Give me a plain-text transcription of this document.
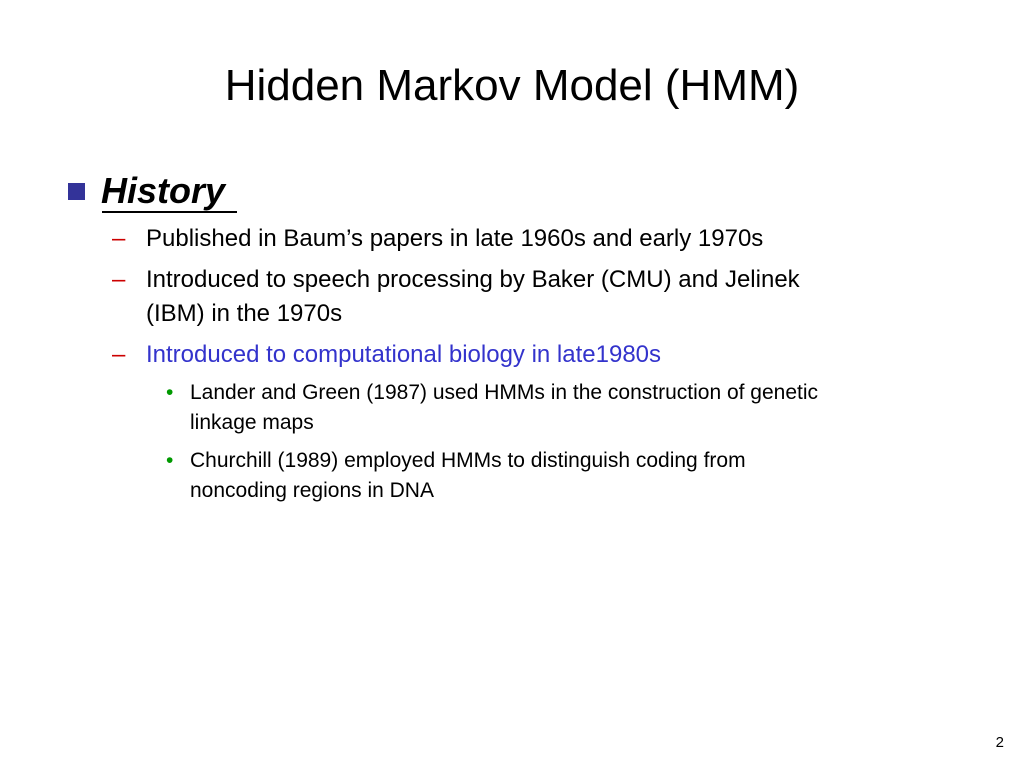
Hidden Markov Model (HMM)
History
– Published in Baum’s papers in late 1960s and early 1970s
– Introduced to speech processing by Baker (CMU) and Jelinek
(IBM) in the 1970s
– Introduced to computational biology in late1980s
• Lander and Green (1987) used HMMs in the construction of genetic
linkage maps
• Churchill (1989) employed HMMs to distinguish coding from
noncoding regions in DNA
2
